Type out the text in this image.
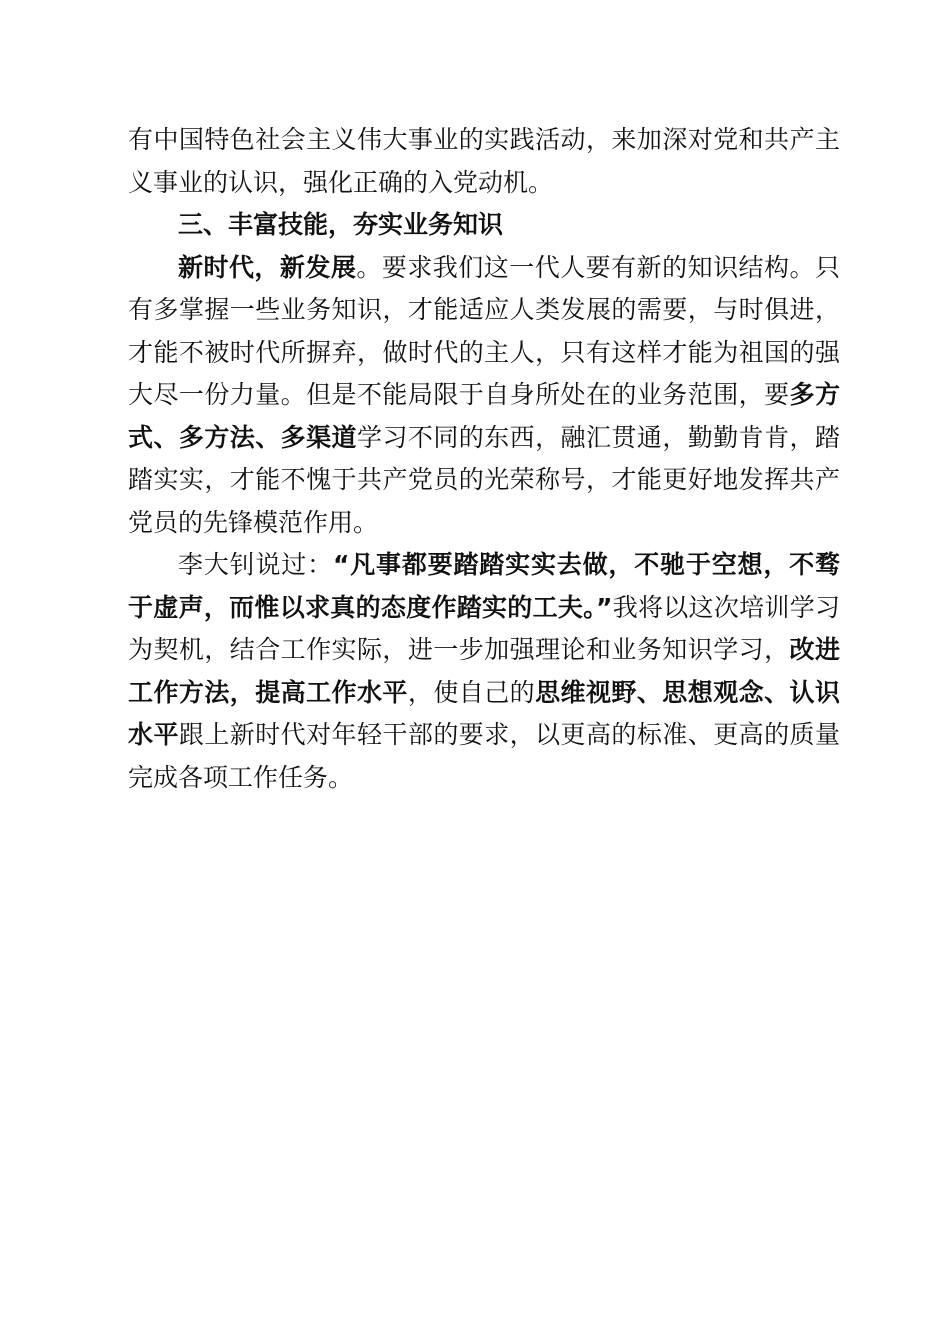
有中国特色社会主义伟大事业的实践活动，来加深对党和共产主义事业的认识，强化正确的入党动机。

三、丰富技能，夯实业务知识

新时代，新发展。要求我们这一代人要有新的知识结构。只有多掌握一些业务知识，才能适应人类发展的需要，与时俱进，才能不被时代所摒弃，做时代的主人，只有这样才能为祖国的强大尽一份力量。但是不能局限于自身所处在的业务范围，要多方式、多方法、多渠道学习不同的东西，融汇贯通，勤勤肯肯，踏踏实实，才能不愧于共产党员的光荣称号，才能更好地发挥共产党员的先锋模范作用。

李大钊说过：“凡事都要踏踏实实去做，不驰于空想，不骛于虚声，而惟以求真的态度作踏实的工夫。”我将以这次培训学习为契机，结合工作实际，进一步加强理论和业务知识学习，改进工作方法，提高工作水平，使自己的思维视野、思想观念、认识水平跟上新时代对年轻干部的要求，以更高的标准、更高的质量完成各项工作任务。
